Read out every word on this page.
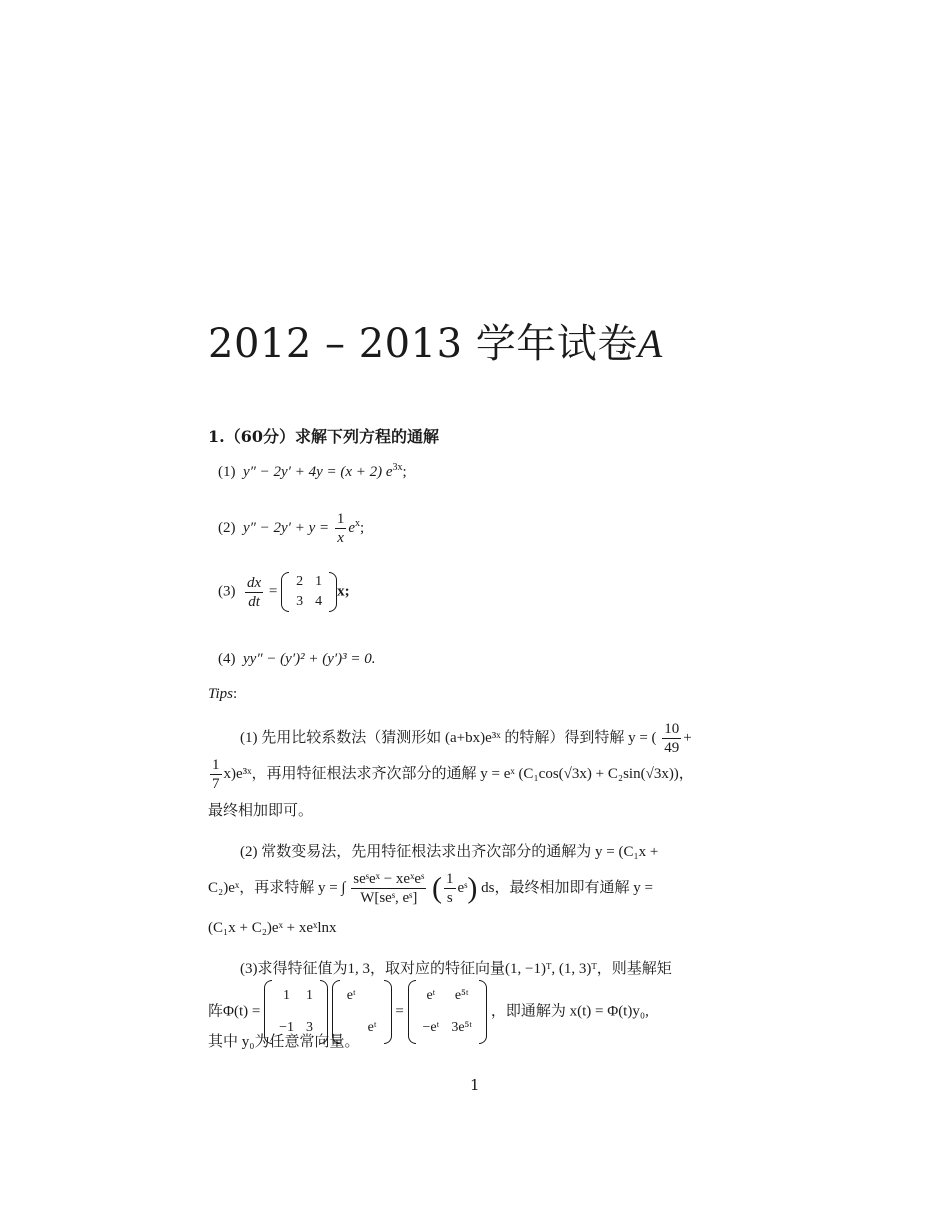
2012 – 2013 学年试卷A
1.（60分）求解下列方程的通解
(1) y″ − 2y′ + 4y = (x + 2) $e^{3x}$;
(2) $y'' - 2y' + y = \frac{1}{x} e^x$;
$(3) \frac{dx}{dt}$ =
2	1
3	4
x;
(4) yy″ − (y′)² + (y′)³ = 0.
Tips:
(1) 先用比较系数法（猜测形如 (a+bx)e³ˣ 的特解）得到特解 y = ( $\frac{10}{49}$ +
$\frac{1}{7}$ x)e³ˣ，再用特征根法求齐次部分的通解 y = eˣ (C₁cos(√3x) + C₂sin(√3x))，
最终相加即可。
(2) 常数变易法，先用特征根法求出齐次部分的通解为 y = (C₁x +
C₂)eˣ，再求特解 y = ∫ $\frac{\text{seˢeˣ − xeˣeˢ}}{\text{W[seˢ, eˢ]}}$ ( $\frac{1}{s}$ eˢ) ds，最终相加即有通解 y =
(C₁x + C₂)eˣ + xeˣlnx
(3)求得特征值为1, 3，取对应的特征向量(1, −1)ᵀ, (1, 3)ᵀ，则基解矩
阵Φ(t) =
1	1
−1	3

eᵗ	
	eᵗ
=
eᵗ	e⁵ᵗ
−eᵗ	3e⁵ᵗ
，即通解为 x(t) = Φ(t)y₀,
其中 y₀为任意常向量。
1
